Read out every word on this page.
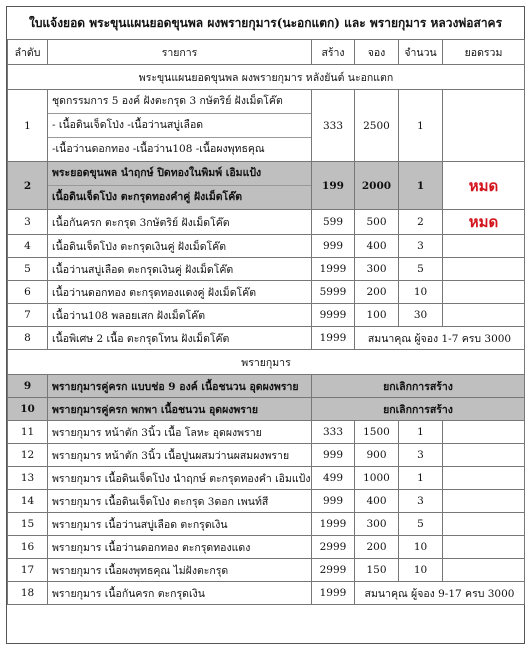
ใบแจ้งยอด พระขุนแผนยอดขุนพล ผงพรายกุมาร(นะอกแตก) และ พรายกุมาร หลวงพ่อสาคร
ลำดับ	รายการ	สร้าง	จอง	จำนวน	ยอดรวม
พระขุนแผนยอดขุนพล ผงพรายกุมาร หลังยันต์ นะอกแตก					
1	ชุดกรรมการ 5 องค์ ฝังตะกรุด 3 กษัตริย์ ฝังเม็ดโค๊ต
- เนื้อดินเจ็ดโป่ง -เนื้อว่านสบู่เลือด
-เนื้อว่านดอกทอง -เนื้อว่าน108 -เนื้อผงพุทธคุณ	333	2500	1	
2	พระยอดขุนพล นำฤกษ์ ปิดทองในพิมพ์ เอิมแป้ง
เนื้อดินเจ็ดโป่ง ตะกรุดทองคำคู่ ฝังเม็ดโค๊ต	199	2000	1	หมด
3	เนื้อกันครก ตะกรุด 3กษัตริย์ ฝังเม็ดโค๊ต	599	500	2	หมด
4	เนื้อดินเจ็ดโป่ง ตะกรุดเงินคู่ ฝังเม็ดโค๊ต	999	400	3	
5	เนื้อว่านสบู่เลือด ตะกรุดเงินคู่ ฝังเม็ดโค๊ต	1999	300	5	
6	เนื้อว่านดอกทอง ตะกรุดทองแดงคู่ ฝังเม็ดโค๊ต	5999	200	10	
7	เนื้อว่าน108 พลอยเสก ฝังเม็ดโค๊ต	9999	100	30	
8	เนื้อพิเศษ 2 เนื้อ ตะกรุดโทน ฝังเม็ดโค๊ต	1999	สมนาคุณ ผู้จอง 1-7 ครบ 3000		
พรายกุมาร					
9	พรายกุมารคู่ครก แบบช่อ 9 องค์ เนื้อชนวน อุดผงพราย	ยกเลิกการสร้าง			
10	พรายกุมารคู่ครก พกพา เนื้อชนวน อุดผงพราย	ยกเลิกการสร้าง			
11	พรายกุมาร หน้าตัก 3นิ้ว เนื้อ โลหะ อุดผงพราย	333	1500	1	
12	พรายกุมาร หน้าตัก 3นิ้ว เนื้อปูนผสมว่านผสมผงพราย	999	900	3	
13	พรายกุมาร เนื้อดินเจ็ดโป่ง นำฤกษ์ ตะกรุดทองคำ เอิมแป้ง	499	1000	1	
14	พรายกุมาร เนื้อดินเจ็ดโป่ง ตะกรุด 3ดอก เพนท์สี	999	400	3	
15	พรายกุมาร เนื้อว่านสบู่เลือด ตะกรุดเงิน	1999	300	5	
16	พรายกุมาร เนื้อว่านดอกทอง ตะกรุดทองแดง	2999	200	10	
17	พรายกุมาร เนื้อผงพุทธคุณ ไม่ฝังตะกรุด	2999	150	10	
18	พรายกุมาร เนื้อกันครก ตะกรุดเงิน	1999	สมนาคุณ ผู้จอง 9-17 ครบ 3000		
